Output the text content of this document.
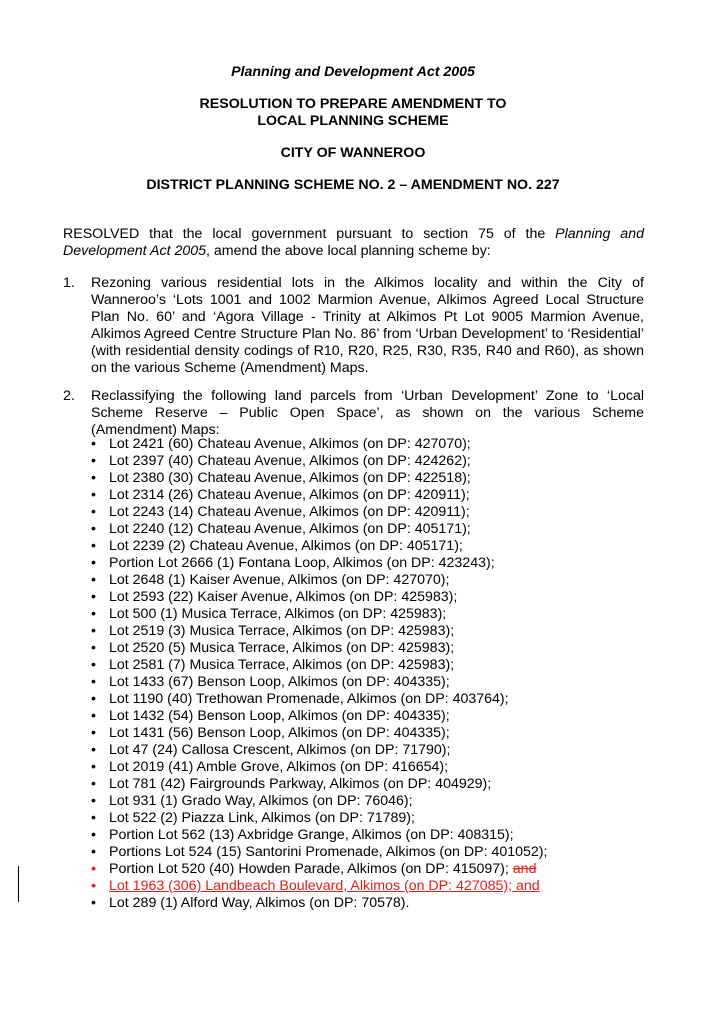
Planning and Development Act 2005
RESOLUTION TO PREPARE AMENDMENT TO
LOCAL PLANNING SCHEME
CITY OF WANNEROO
DISTRICT PLANNING SCHEME NO. 2 – AMENDMENT NO. 227
RESOLVED that the local government pursuant to section 75 of the Planning and Development Act 2005, amend the above local planning scheme by:
1. Rezoning various residential lots in the Alkimos locality and within the City of Wanneroo’s ‘Lots 1001 and 1002 Marmion Avenue, Alkimos Agreed Local Structure Plan No. 60’ and ‘Agora Village - Trinity at Alkimos Pt Lot 9005 Marmion Avenue, Alkimos Agreed Centre Structure Plan No. 86’ from ‘Urban Development’ to ‘Residential’ (with residential density codings of R10, R20, R25, R30, R35, R40 and R60), as shown on the various Scheme (Amendment) Maps.
2. Reclassifying the following land parcels from ‘Urban Development’ Zone to ‘Local Scheme Reserve – Public Open Space’, as shown on the various Scheme (Amendment) Maps:
• Lot 2421 (60) Chateau Avenue, Alkimos (on DP: 427070);
• Lot 2397 (40) Chateau Avenue, Alkimos (on DP: 424262);
• Lot 2380 (30) Chateau Avenue, Alkimos (on DP: 422518);
• Lot 2314 (26) Chateau Avenue, Alkimos (on DP: 420911);
• Lot 2243 (14) Chateau Avenue, Alkimos (on DP: 420911);
• Lot 2240 (12) Chateau Avenue, Alkimos (on DP: 405171);
• Lot 2239 (2) Chateau Avenue, Alkimos (on DP: 405171);
• Portion Lot 2666 (1) Fontana Loop, Alkimos (on DP: 423243);
• Lot 2648 (1) Kaiser Avenue, Alkimos (on DP: 427070);
• Lot 2593 (22) Kaiser Avenue, Alkimos (on DP: 425983);
• Lot 500 (1) Musica Terrace, Alkimos (on DP: 425983);
• Lot 2519 (3) Musica Terrace, Alkimos (on DP: 425983);
• Lot 2520 (5) Musica Terrace, Alkimos (on DP: 425983);
• Lot 2581 (7) Musica Terrace, Alkimos (on DP: 425983);
• Lot 1433 (67) Benson Loop, Alkimos (on DP: 404335);
• Lot 1190 (40) Trethowan Promenade, Alkimos (on DP: 403764);
• Lot 1432 (54) Benson Loop, Alkimos (on DP: 404335);
• Lot 1431 (56) Benson Loop, Alkimos (on DP: 404335);
• Lot 47 (24) Callosa Crescent, Alkimos (on DP: 71790);
• Lot 2019 (41) Amble Grove, Alkimos (on DP: 416654);
• Lot 781 (42) Fairgrounds Parkway, Alkimos (on DP: 404929);
• Lot 931 (1) Grado Way, Alkimos (on DP: 76046);
• Lot 522 (2) Piazza Link, Alkimos (on DP: 71789);
• Portion Lot 562 (13) Axbridge Grange, Alkimos (on DP: 408315);
• Portions Lot 524 (15) Santorini Promenade, Alkimos (on DP: 401052);
• Portion Lot 520 (40) Howden Parade, Alkimos (on DP: 415097); and
• Lot 1963 (306) Landbeach Boulevard, Alkimos (on DP: 427085); and
• Lot 289 (1) Alford Way, Alkimos (on DP: 70578).
